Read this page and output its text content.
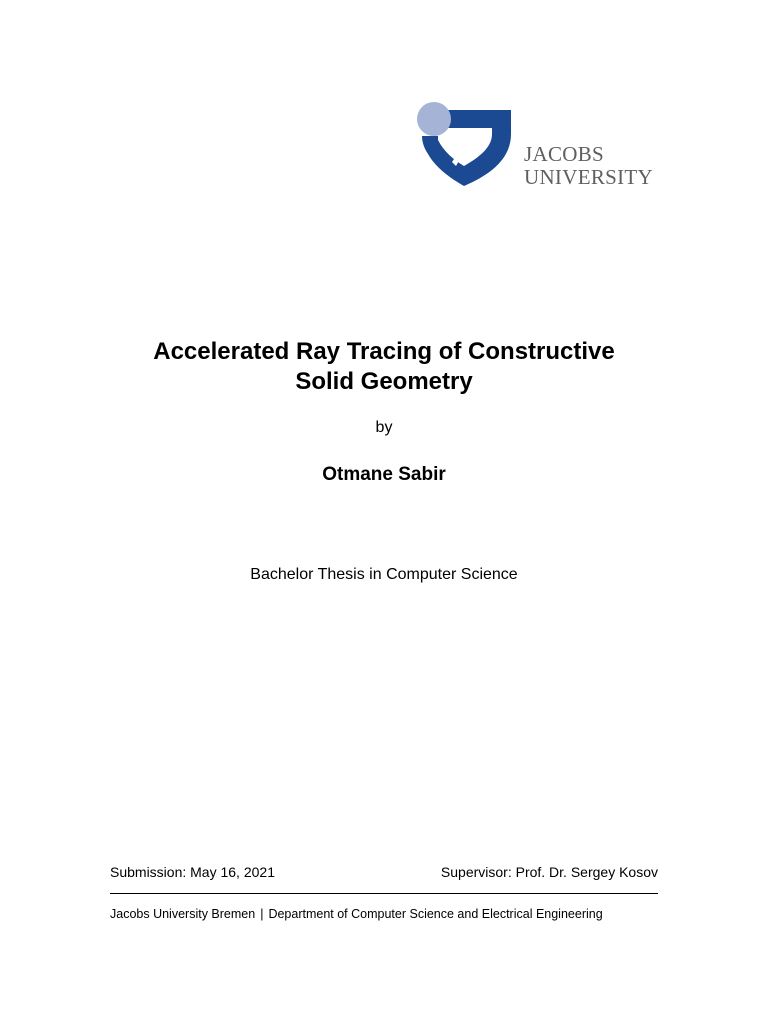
JACOBS
UNIVERSITY
Accelerated Ray Tracing of Constructive
Solid Geometry
by
Otmane Sabir
Bachelor Thesis in Computer Science
Submission: May 16, 2021	Supervisor: Prof. Dr. Sergey Kosov
Jacobs University Bremen | Department of Computer Science and Electrical Engineering
